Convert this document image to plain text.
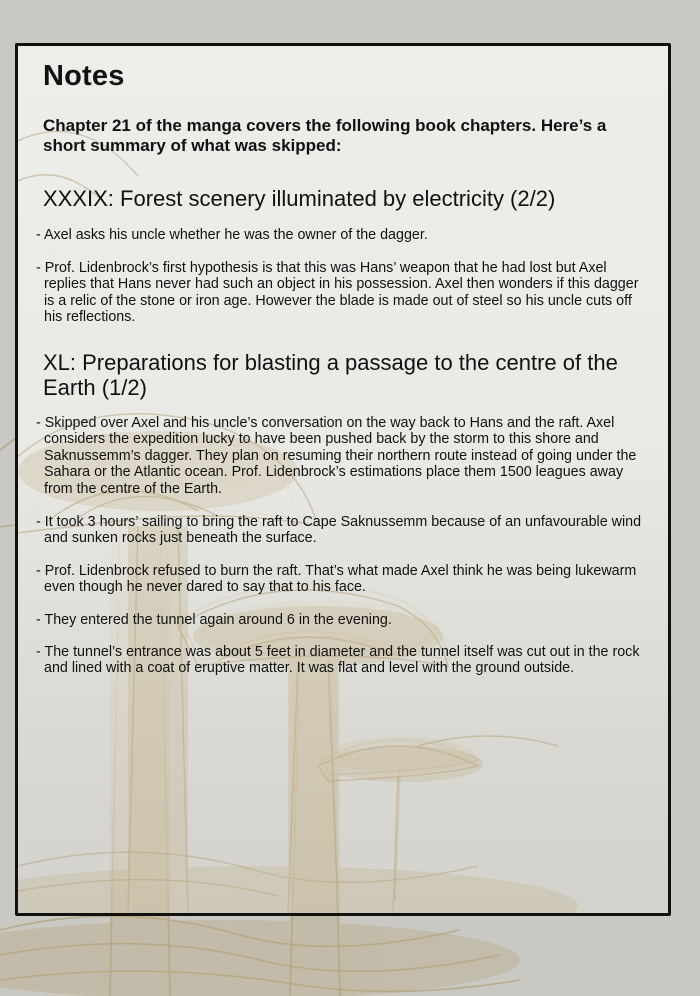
Notes

Chapter 21 of the manga covers the following book chapters. Here’s a short summary of what was skipped:

XXXIX: Forest scenery illuminated by electricity (2/2)

- Axel asks his uncle whether he was the owner of the dagger.

- Prof. Lidenbrock’s first hypothesis is that this was Hans’ weapon that he had lost but Axel replies that Hans never had such an object in his possession. Axel then wonders if this dagger is a relic of the stone or iron age. However the blade is made out of steel so his uncle cuts off his reflections.

XL: Preparations for blasting a passage to the centre of the Earth (1/2)

- Skipped over Axel and his uncle’s conversation on the way back to Hans and the raft. Axel considers the expedition lucky to have been pushed back by the storm to this shore and Saknussemm’s dagger. They plan on resuming their northern route instead of going under the Sahara or the Atlantic ocean. Prof. Lidenbrock’s estimations place them 1500 leagues away from the centre of the Earth.

- It took 3 hours’ sailing to bring the raft to Cape Saknussemm because of an unfavourable wind and sunken rocks just beneath the surface.

- Prof. Lidenbrock refused to burn the raft. That’s what made Axel think he was being lukewarm even though he never dared to say that to his face.

- They entered the tunnel again around 6 in the evening.

- The tunnel’s entrance was about 5 feet in diameter and the tunnel itself was cut out in the rock and lined with a coat of eruptive matter. It was flat and level with the ground outside.
